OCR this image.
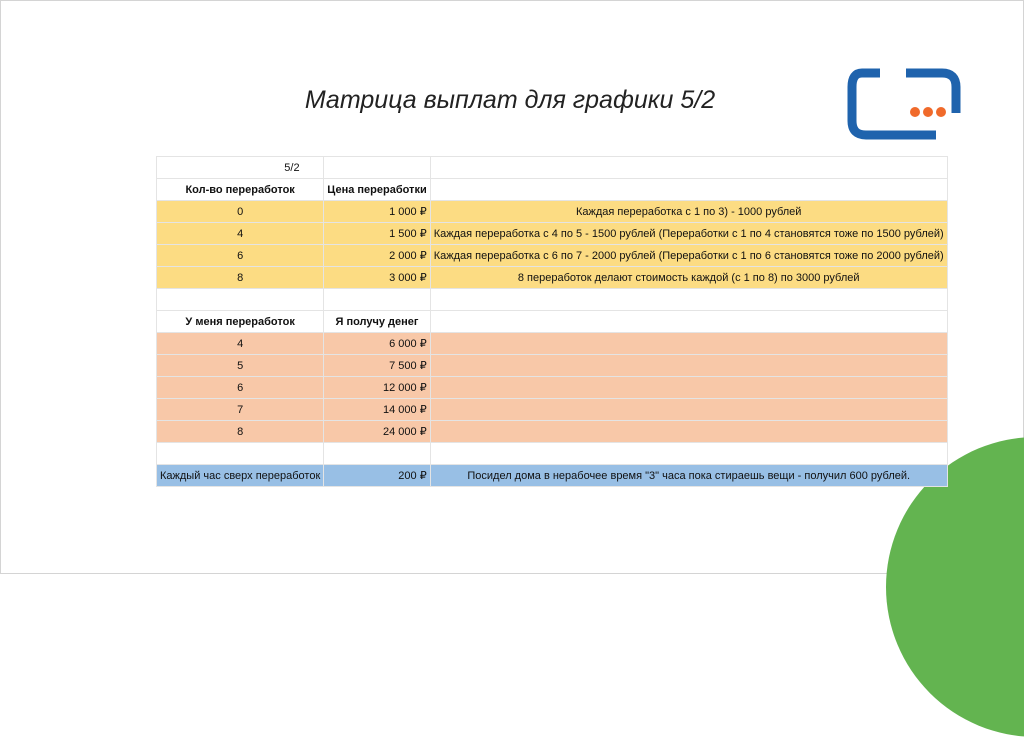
Матрица выплат для графики 5/2
	5/2	
Кол-во переработок	Цена переработки	
0	1 000 ₽	Каждая переработка с 1 по 3) - 1000 рублей
4	1 500 ₽	Каждая переработка с 4 по 5 - 1500 рублей (Переработки с 1 по 4 становятся тоже по 1500 рублей)
6	2 000 ₽	Каждая переработка с 6 по 7 - 2000 рублей (Переработки с 1 по 6 становятся тоже по 2000 рублей)
8	3 000 ₽	8 переработок делают стоимость каждой (с 1 по 8) по 3000 рублей

У меня переработок	Я получу денег	
4	6 000 ₽	
5	7 500 ₽	
6	12 000 ₽	
7	14 000 ₽	
8	24 000 ₽	

Каждый час сверх переработок	200 ₽	Посидел дома в нерабочее время "3" часа пока стираешь вещи - получил 600 рублей.
